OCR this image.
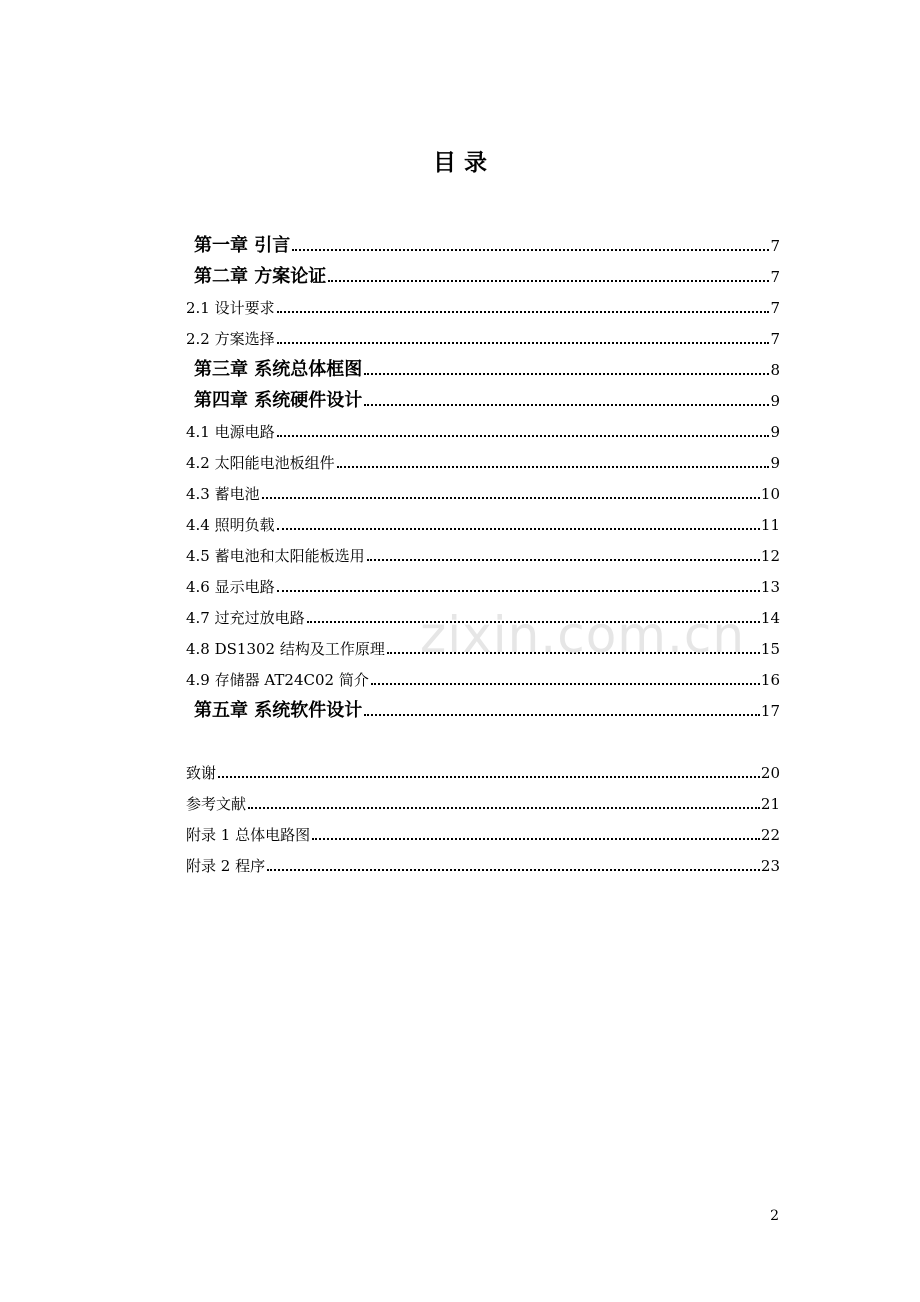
目 录
第一章 引言	7
第二章 方案论证	7
2.1 设计要求	7
2.2 方案选择	7
第三章 系统总体框图	8
第四章 系统硬件设计	9
4.1 电源电路	9
4.2 太阳能电池板组件	9
4.3 蓄电池	10
4.4 照明负载	11
4.5 蓄电池和太阳能板选用	12
4.6 显示电路	13
4.7 过充过放电路	14
4.8 DS1302 结构及工作原理	15
4.9 存储器 AT24C02 简介	16
第五章 系统软件设计	17
致谢	20
参考文献	21
附录 1 总体电路图	22
附录 2 程序	23
zixin.com.cn
2
